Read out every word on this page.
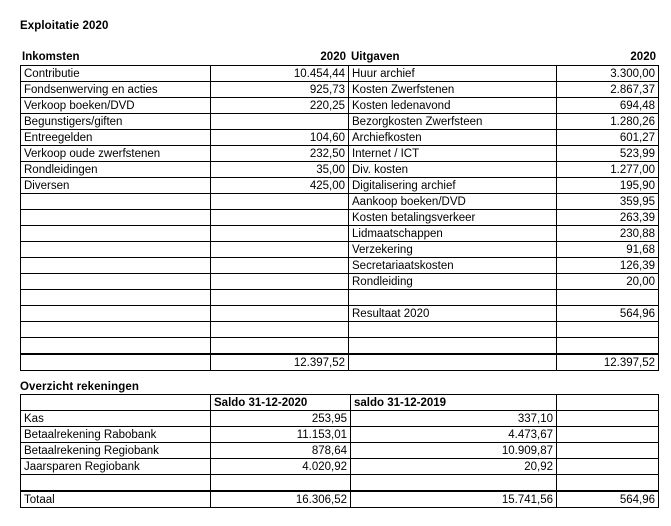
Exploitatie 2020
Inkomsten	2020 Uitgaven	2020
Contributie	10.454,44	Huur archief	3.300,00
Fondsenwerving en acties	925,73	Kosten Zwerfstenen	2.867,37
Verkoop boeken/DVD	220,25	Kosten ledenavond	694,48
Begunstigers/giften		Bezorgkosten Zwerfsteen	1.280,26
Entreegelden	104,60	Archiefkosten	601,27
Verkoop oude zwerfstenen	232,50	Internet / ICT	523,99
Rondleidingen	35,00	Div. kosten	1.277,00
Diversen	425,00	Digitalisering archief	195,90
		Aankoop boeken/DVD	359,95
		Kosten betalingsverkeer	263,39
		Lidmaatschappen	230,88
		Verzekering	91,68
		Secretariaatskosten	126,39
		Rondleiding	20,00

		Resultaat 2020	564,96

	12.397,52		12.397,52
Overzicht rekeningen
	Saldo 31-12-2020	saldo 31-12-2019	
Kas	253,95	337,10	
Betaalrekening Rabobank	11.153,01	4.473,67	
Betaalrekening Regiobank	878,64	10.909,87	
Jaarsparen Regiobank	4.020,92	20,92	

Totaal	16.306,52	15.741,56	564,96
